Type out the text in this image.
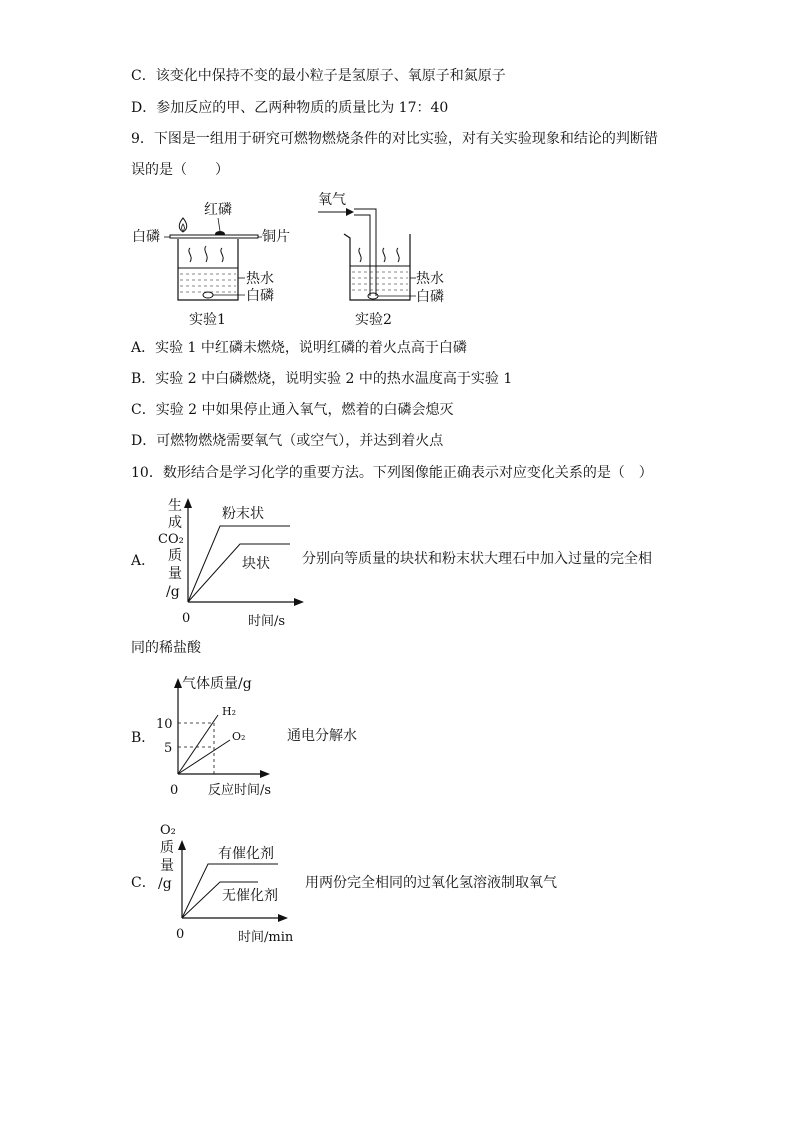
C．该变化中保持不变的最小粒子是氢原子、氧原子和氮原子
D．参加反应的甲、乙两种物质的质量比为 17：40
9．下图是一组用于研究可燃物燃烧条件的对比实验，对有关实验现象和结论的判断错
误的是（　　）
红磷
白磷	铜片
热水
白磷
实验1
氧气
热水
白磷
实验2
A．实验 1 中红磷未燃烧，说明红磷的着火点高于白磷
B．实验 2 中白磷燃烧，说明实验 2 中的热水温度高于实验 1
C．实验 2 中如果停止通入氧气，燃着的白磷会熄灭
D．可燃物燃烧需要氧气（或空气），并达到着火点
10．数形结合是学习化学的重要方法。下列图像能正确表示对应变化关系的是（　）
A．
生
成
CO₂
质
量
/g
粉末状
块状
0	时间/s
分别向等质量的块状和粉末状大理石中加入过量的完全相
同的稀盐酸
B．
气体质量/g
H₂
O₂
10
5
0 反应时间/s
通电分解水
C．
O₂
质
量
/g
有催化剂
无催化剂
0	时间/min
用两份完全相同的过氧化氢溶液制取氧气
